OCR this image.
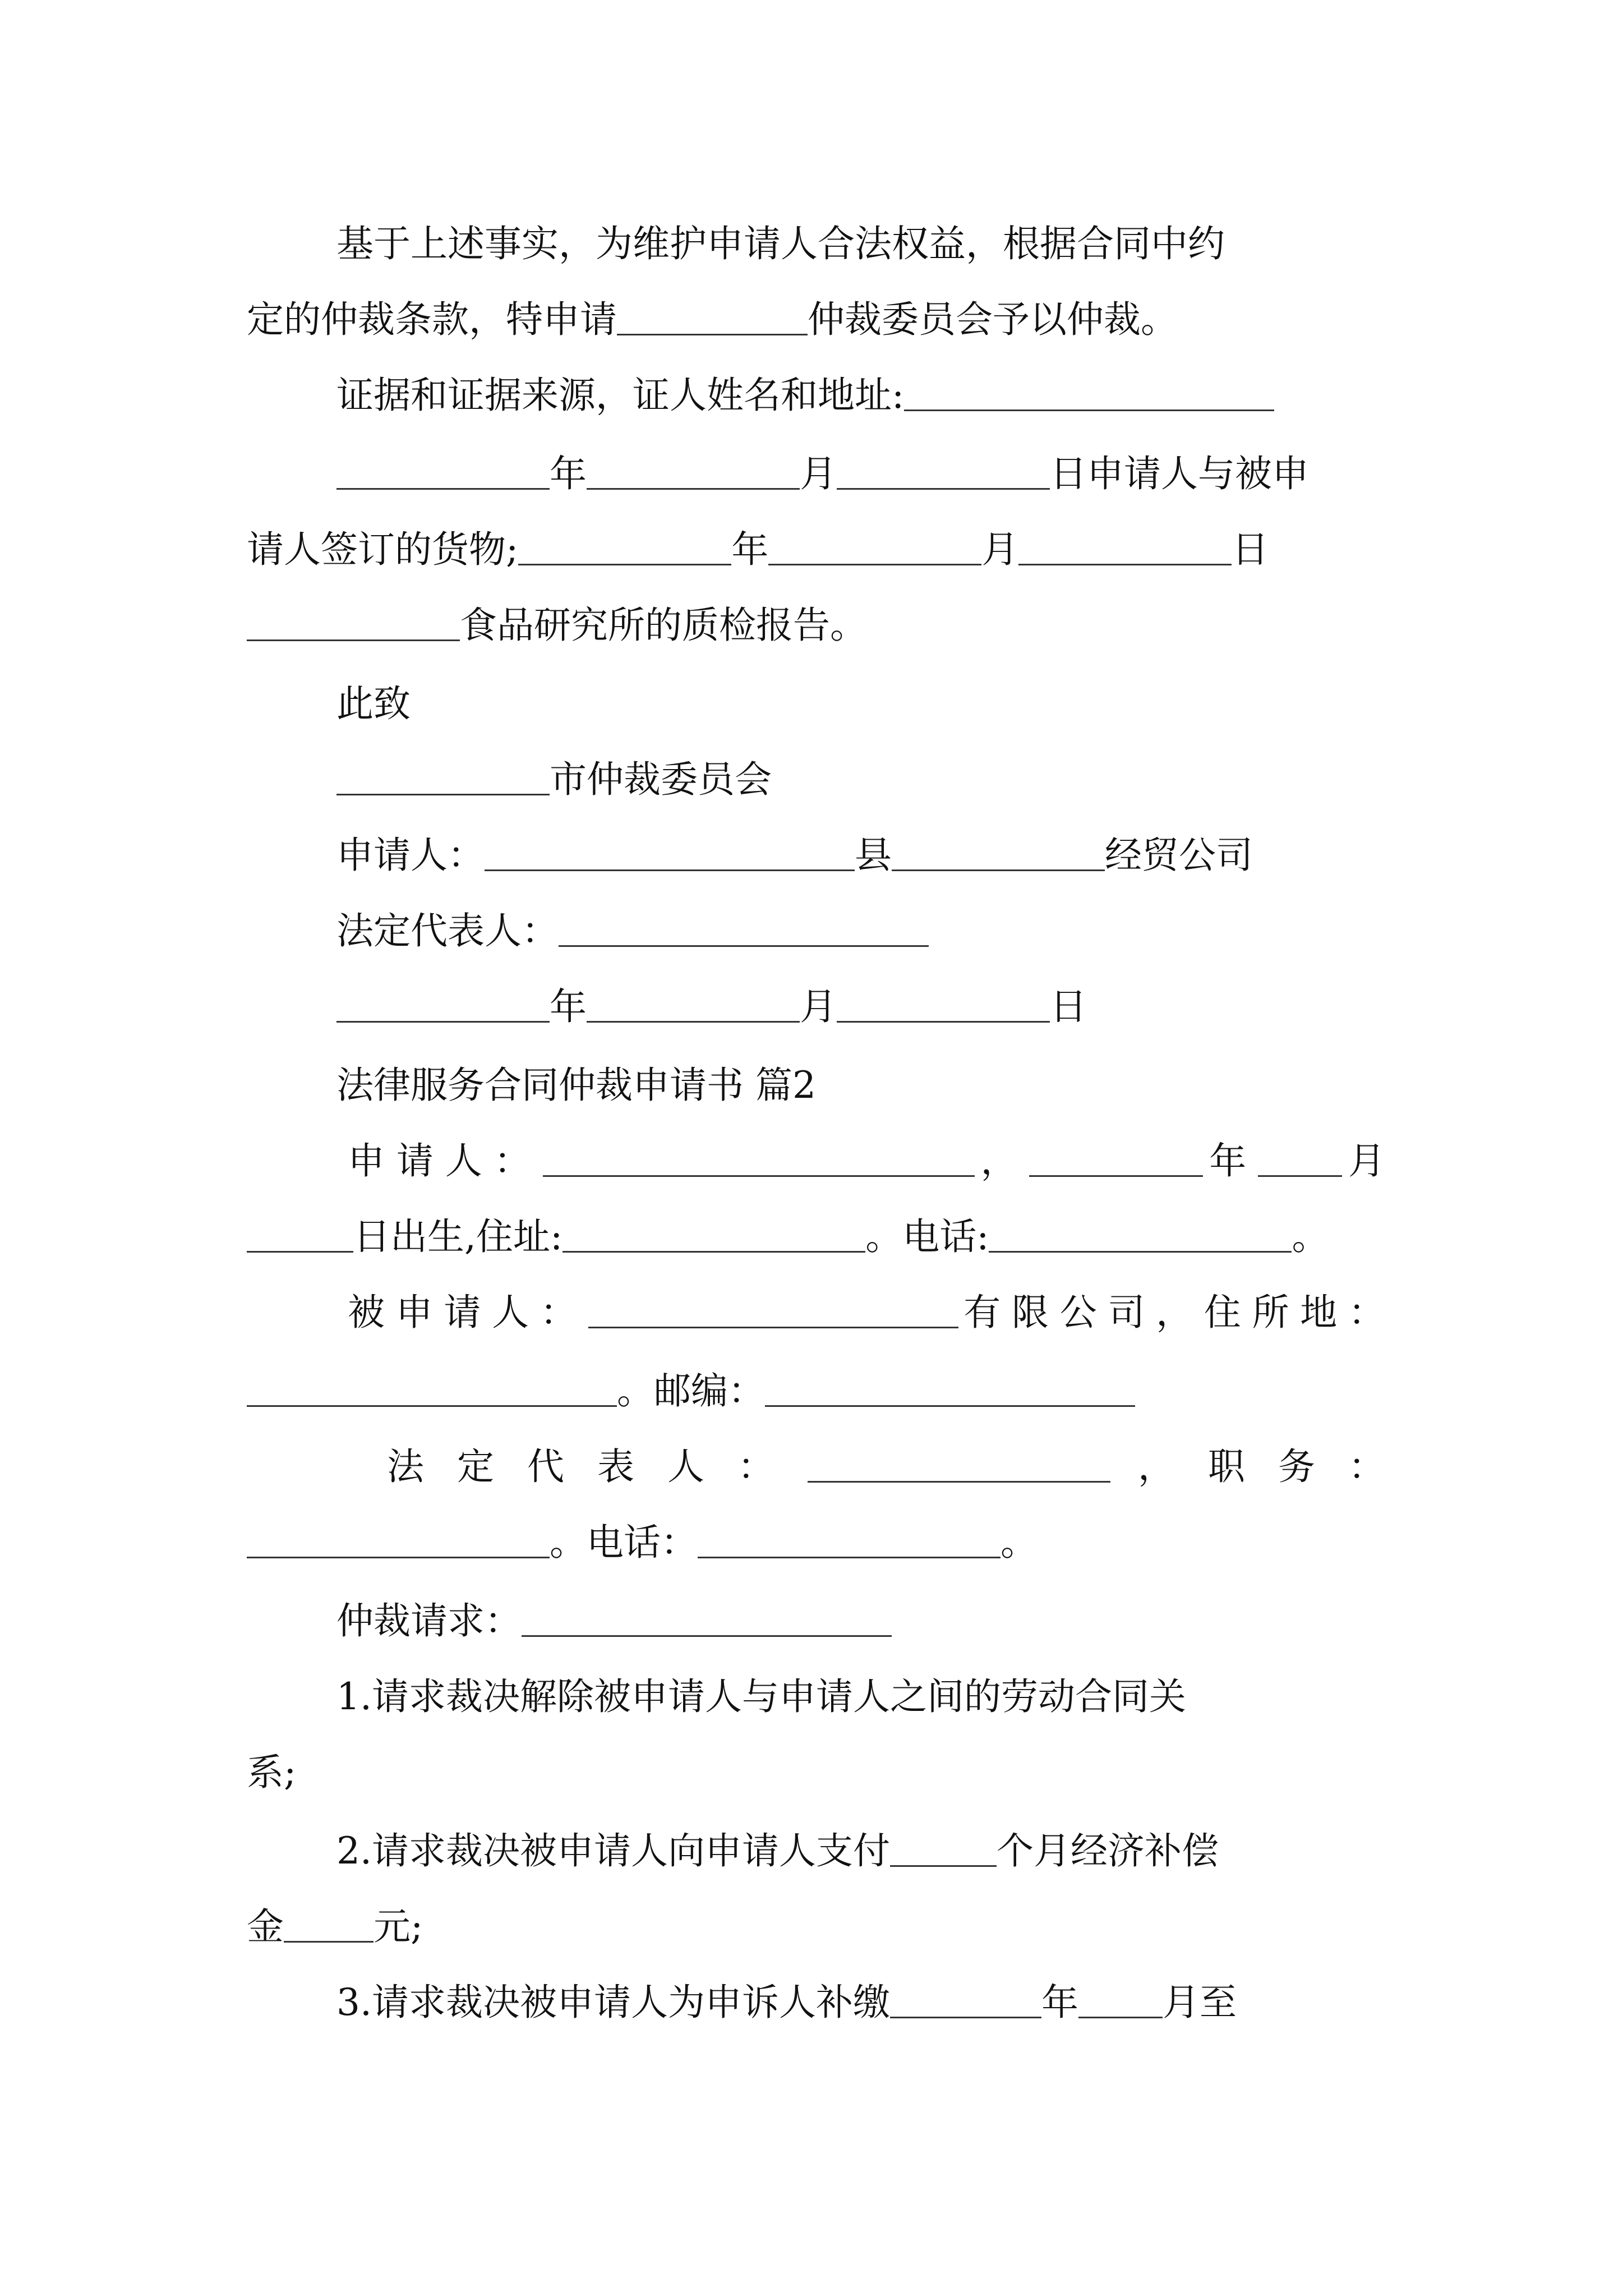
基于上述事实，为维护申请人合法权益，根据合同中约
定的仲裁条款，特申请	仲裁委员会予以仲裁。
证据和证据来源，证人姓名和地址:
年	月	日申请人与被申
请人签订的货物;	年	月	日
食品研究所的质检报告。
此致
市仲裁委员会
申请人：	县	经贸公司
法定代表人：
年	月	日
法律服务合同仲裁申请书 篇2
申请人：	，	年 月
日出生,住址:	。电话:	。
被申请人：	有限公司，住所地：
。邮编：
法定代表人：	，职务：
。电话：	。
仲裁请求：
1.请求裁决解除被申请人与申请人之间的劳动合同关
系;
2.请求裁决被申请人向申请人支付	个月经济补偿
金 元;
3.请求裁决被申请人为申诉人补缴	年 月至
